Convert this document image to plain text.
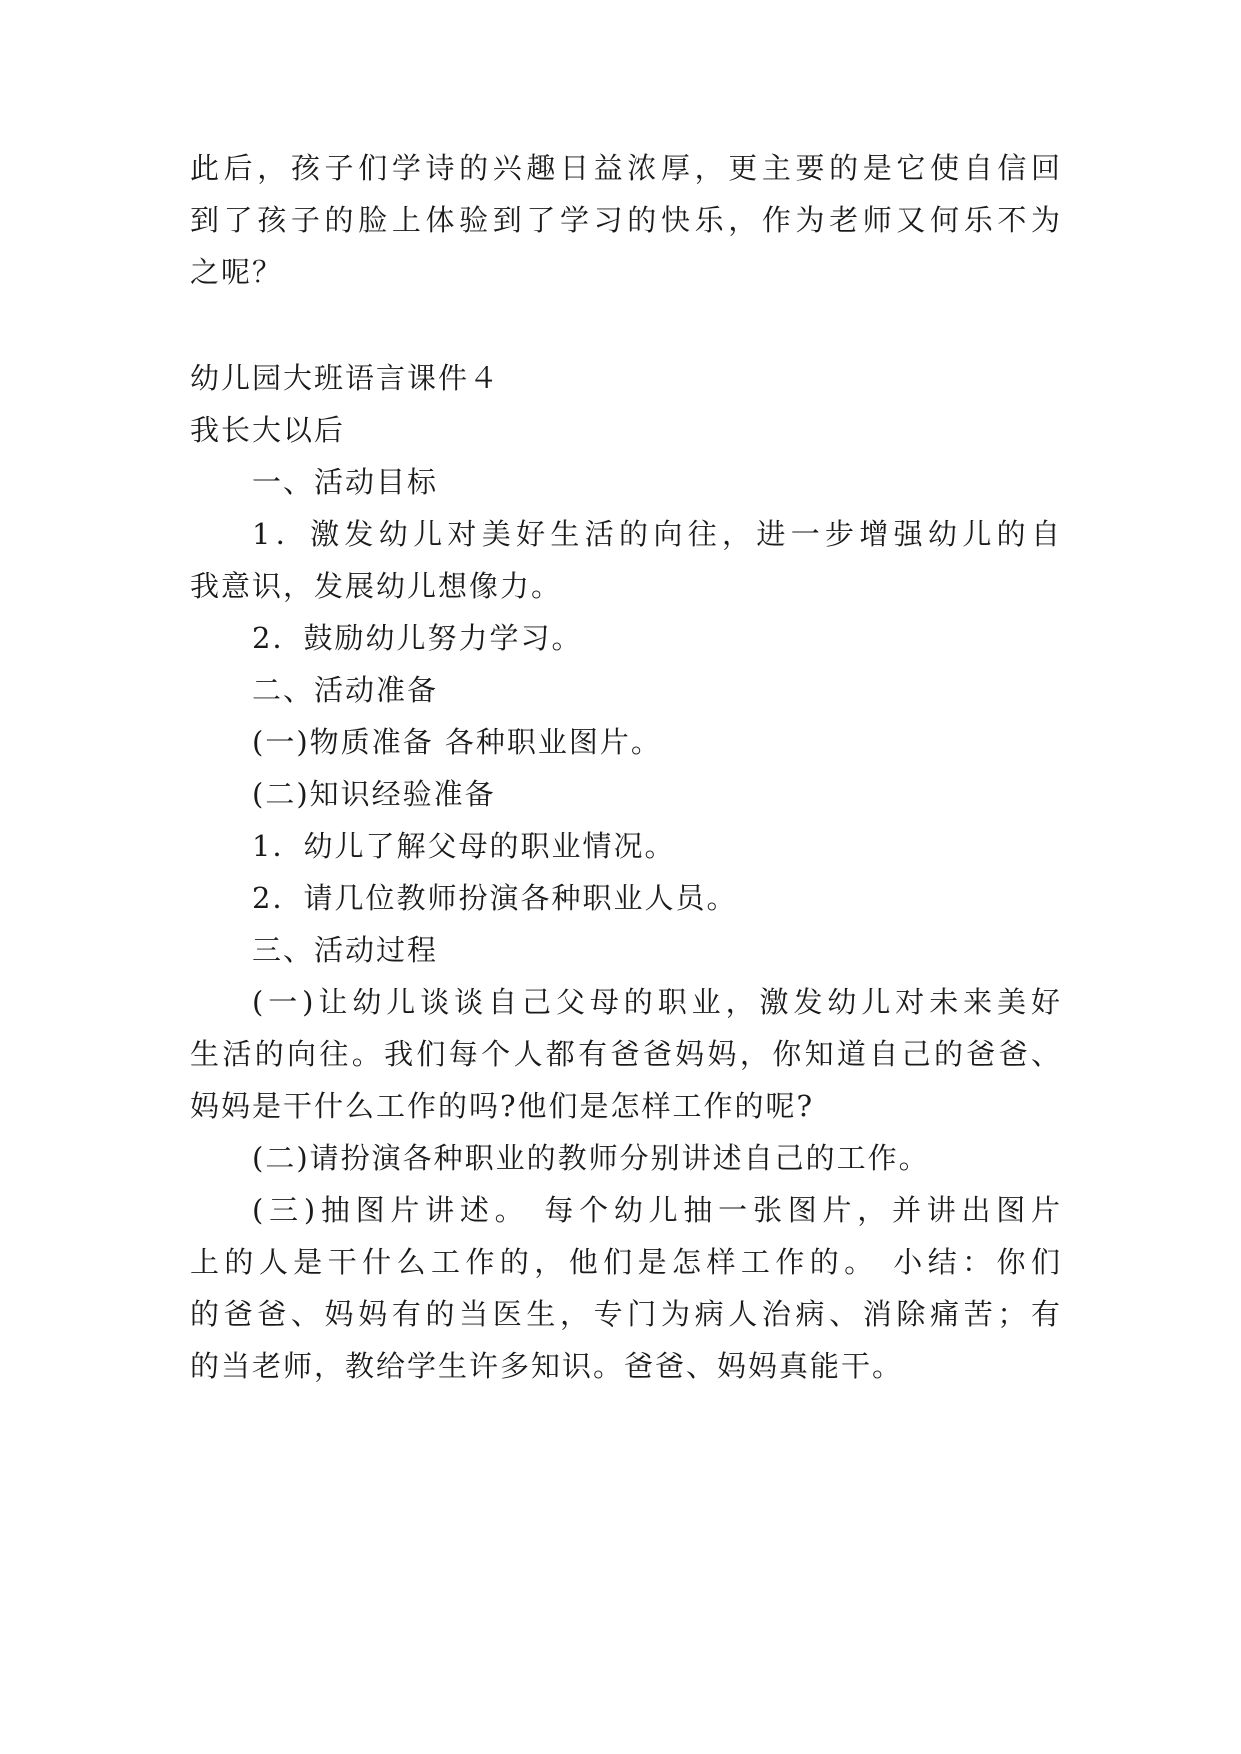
此后，孩子们学诗的兴趣日益浓厚，更主要的是它使自信回
到了孩子的脸上体验到了学习的快乐，作为老师又何乐不为
之呢？
幼儿园大班语言课件４
我长大以后
一、活动目标
1．激发幼儿对美好生活的向往，进一步增强幼儿的自
我意识，发展幼儿想像力。
2．鼓励幼儿努力学习。
二、活动准备
(一)物质准备 各种职业图片。
(二)知识经验准备
1．幼儿了解父母的职业情况。
2．请几位教师扮演各种职业人员。
三、活动过程
(一)让幼儿谈谈自己父母的职业，激发幼儿对未来美好
生活的向往。我们每个人都有爸爸妈妈，你知道自己的爸爸、
妈妈是干什么工作的吗?他们是怎样工作的呢?
(二)请扮演各种职业的教师分别讲述自己的工作。
(三)抽图片讲述。 每个幼儿抽一张图片，并讲出图片
上的人是干什么工作的，他们是怎样工作的。 小结：你们
的爸爸、妈妈有的当医生，专门为病人治病、消除痛苦；有
的当老师，教给学生许多知识。爸爸、妈妈真能干。
